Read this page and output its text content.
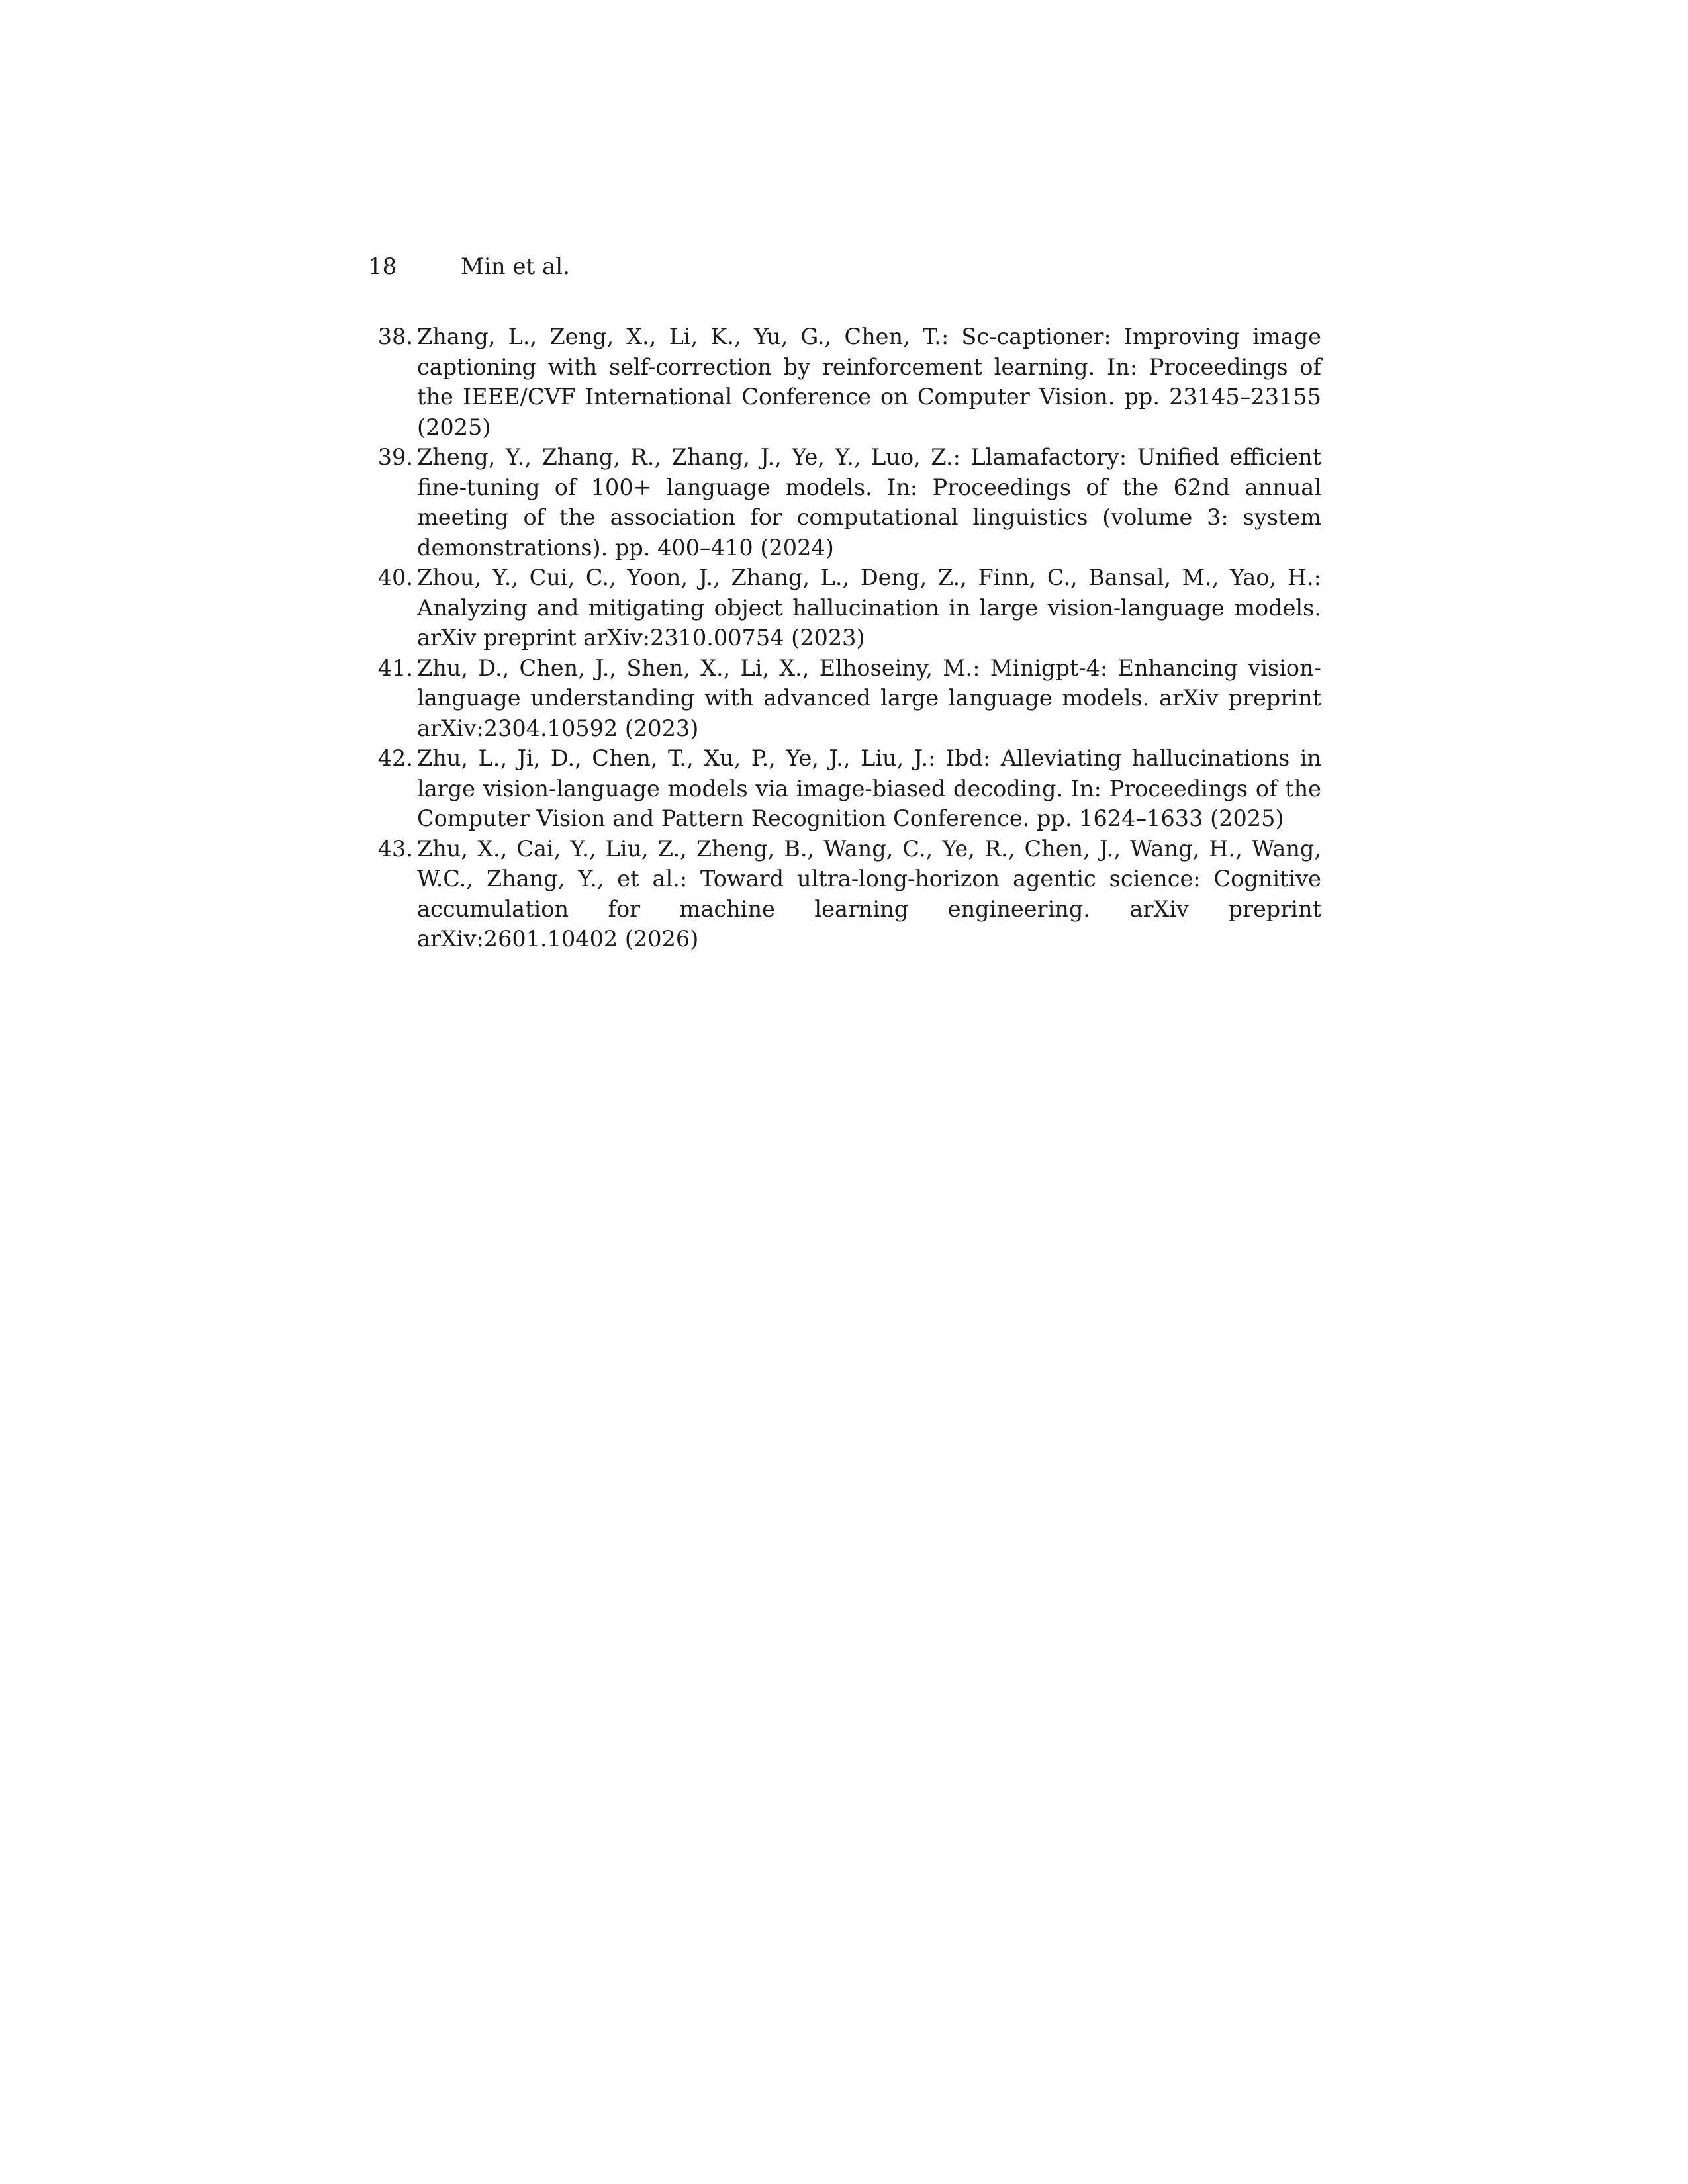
18	Min et al.
38. Zhang, L., Zeng, X., Li, K., Yu, G., Chen, T.: Sc-captioner: Improving image captioning with self-correction by reinforcement learning. In: Proceedings of the IEEE/CVF International Conference on Computer Vision. pp. 23145–23155 (2025)
39. Zheng, Y., Zhang, R., Zhang, J., Ye, Y., Luo, Z.: Llamafactory: Unified efficient fine-tuning of 100+ language models. In: Proceedings of the 62nd annual meeting of the association for computational linguistics (volume 3: system demonstrations). pp. 400–410 (2024)
40. Zhou, Y., Cui, C., Yoon, J., Zhang, L., Deng, Z., Finn, C., Bansal, M., Yao, H.: Analyzing and mitigating object hallucination in large vision-language models. arXiv preprint arXiv:2310.00754 (2023)
41. Zhu, D., Chen, J., Shen, X., Li, X., Elhoseiny, M.: Minigpt-4: Enhancing vision-language understanding with advanced large language models. arXiv preprint arXiv:2304.10592 (2023)
42. Zhu, L., Ji, D., Chen, T., Xu, P., Ye, J., Liu, J.: Ibd: Alleviating hallucinations in large vision-language models via image-biased decoding. In: Proceedings of the Computer Vision and Pattern Recognition Conference. pp. 1624–1633 (2025)
43. Zhu, X., Cai, Y., Liu, Z., Zheng, B., Wang, C., Ye, R., Chen, J., Wang, H., Wang, W.C., Zhang, Y., et al.: Toward ultra-long-horizon agentic science: Cognitive accumulation for machine learning engineering. arXiv preprint arXiv:2601.10402 (2026)
